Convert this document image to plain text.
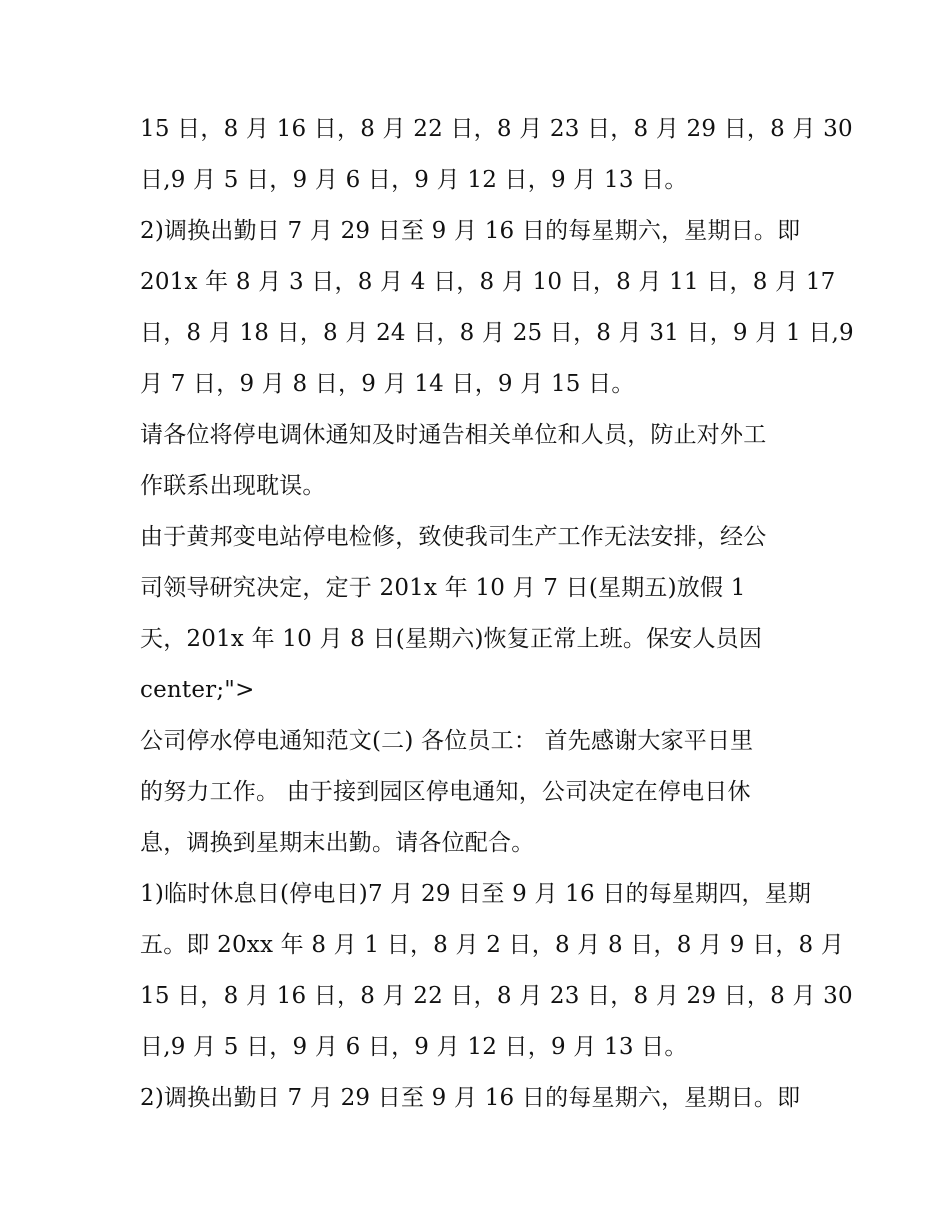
15 日，8 月 16 日，8 月 22 日，8 月 23 日，8 月 29 日，8 月 30
日,9 月 5 日，9 月 6 日，9 月 12 日，9 月 13 日。
2)调换出勤日 7 月 29 日至 9 月 16 日的每星期六，星期日。即
201x 年 8 月 3 日，8 月 4 日，8 月 10 日，8 月 11 日，8 月 17
日，8 月 18 日，8 月 24 日，8 月 25 日，8 月 31 日，9 月 1 日,9
月 7 日，9 月 8 日，9 月 14 日，9 月 15 日。
请各位将停电调休通知及时通告相关单位和人员，防止对外工
作联系出现耽误。
由于黄邦变电站停电检修，致使我司生产工作无法安排，经公
司领导研究决定，定于 201x 年 10 月 7 日(星期五)放假 1
天，201x 年 10 月 8 日(星期六)恢复正常上班。保安人员因
center;">
公司停水停电通知范文(二) 各位员工： 首先感谢大家平日里
的努力工作。 由于接到园区停电通知，公司决定在停电日休
息，调换到星期末出勤。请各位配合。
1)临时休息日(停电日)7 月 29 日至 9 月 16 日的每星期四，星期
五。即 20xx 年 8 月 1 日，8 月 2 日，8 月 8 日，8 月 9 日，8 月
15 日，8 月 16 日，8 月 22 日，8 月 23 日，8 月 29 日，8 月 30
日,9 月 5 日，9 月 6 日，9 月 12 日，9 月 13 日。
2)调换出勤日 7 月 29 日至 9 月 16 日的每星期六，星期日。即
